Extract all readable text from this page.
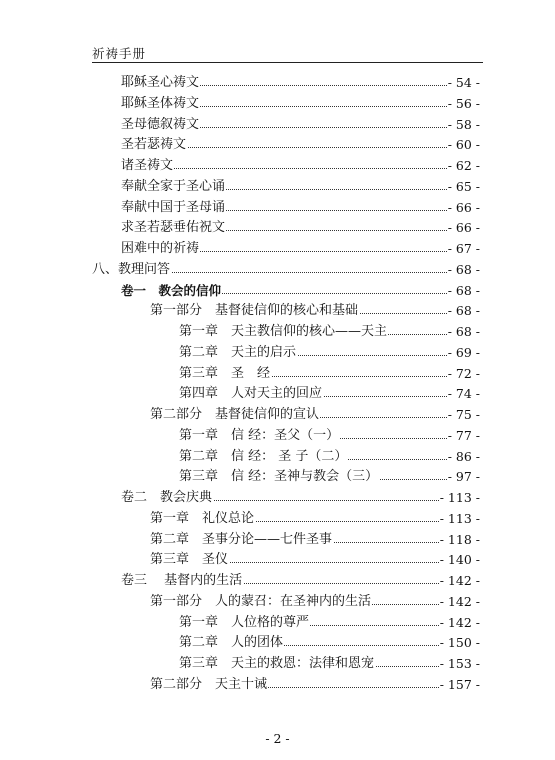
祈祷手册
耶稣圣心祷文	- 54 -
耶稣圣体祷文	- 56 -
圣母德叙祷文	- 58 -
圣若瑟祷文	- 60 -
诸圣祷文	- 62 -
奉献全家于圣心诵	- 65 -
奉献中国于圣母诵	- 66 -
求圣若瑟垂佑祝文	- 66 -
困难中的祈祷	- 67 -
八、教理问答	- 68 -
卷一　教会的信仰	- 68 -
第一部分　基督徒信仰的核心和基础	- 68 -
第一章　天主教信仰的核心——天主	- 68 -
第二章　天主的启示	- 69 -
第三章　圣　经	- 72 -
第四章　人对天主的回应	- 74 -
第二部分　基督徒信仰的宣认	- 75 -
第一章　信 经：圣父（一）	- 77 -
第二章　信 经： 圣 子（二）	- 86 -
第三章　信 经：圣神与教会（三）	- 97 -
卷二　教会庆典	- 113 -
第一章　礼仪总论	- 113 -
第二章　圣事分论——七件圣事	- 118 -
第三章　圣仪	- 140 -
卷三　 基督内的生活	- 142 -
第一部分　人的蒙召：在圣神内的生活	- 142 -
第一章　人位格的尊严	- 142 -
第二章　人的团体	- 150 -
第三章　天主的救恩：法律和恩宠	- 153 -
第二部分　天主十诫	- 157 -
- 2 -
